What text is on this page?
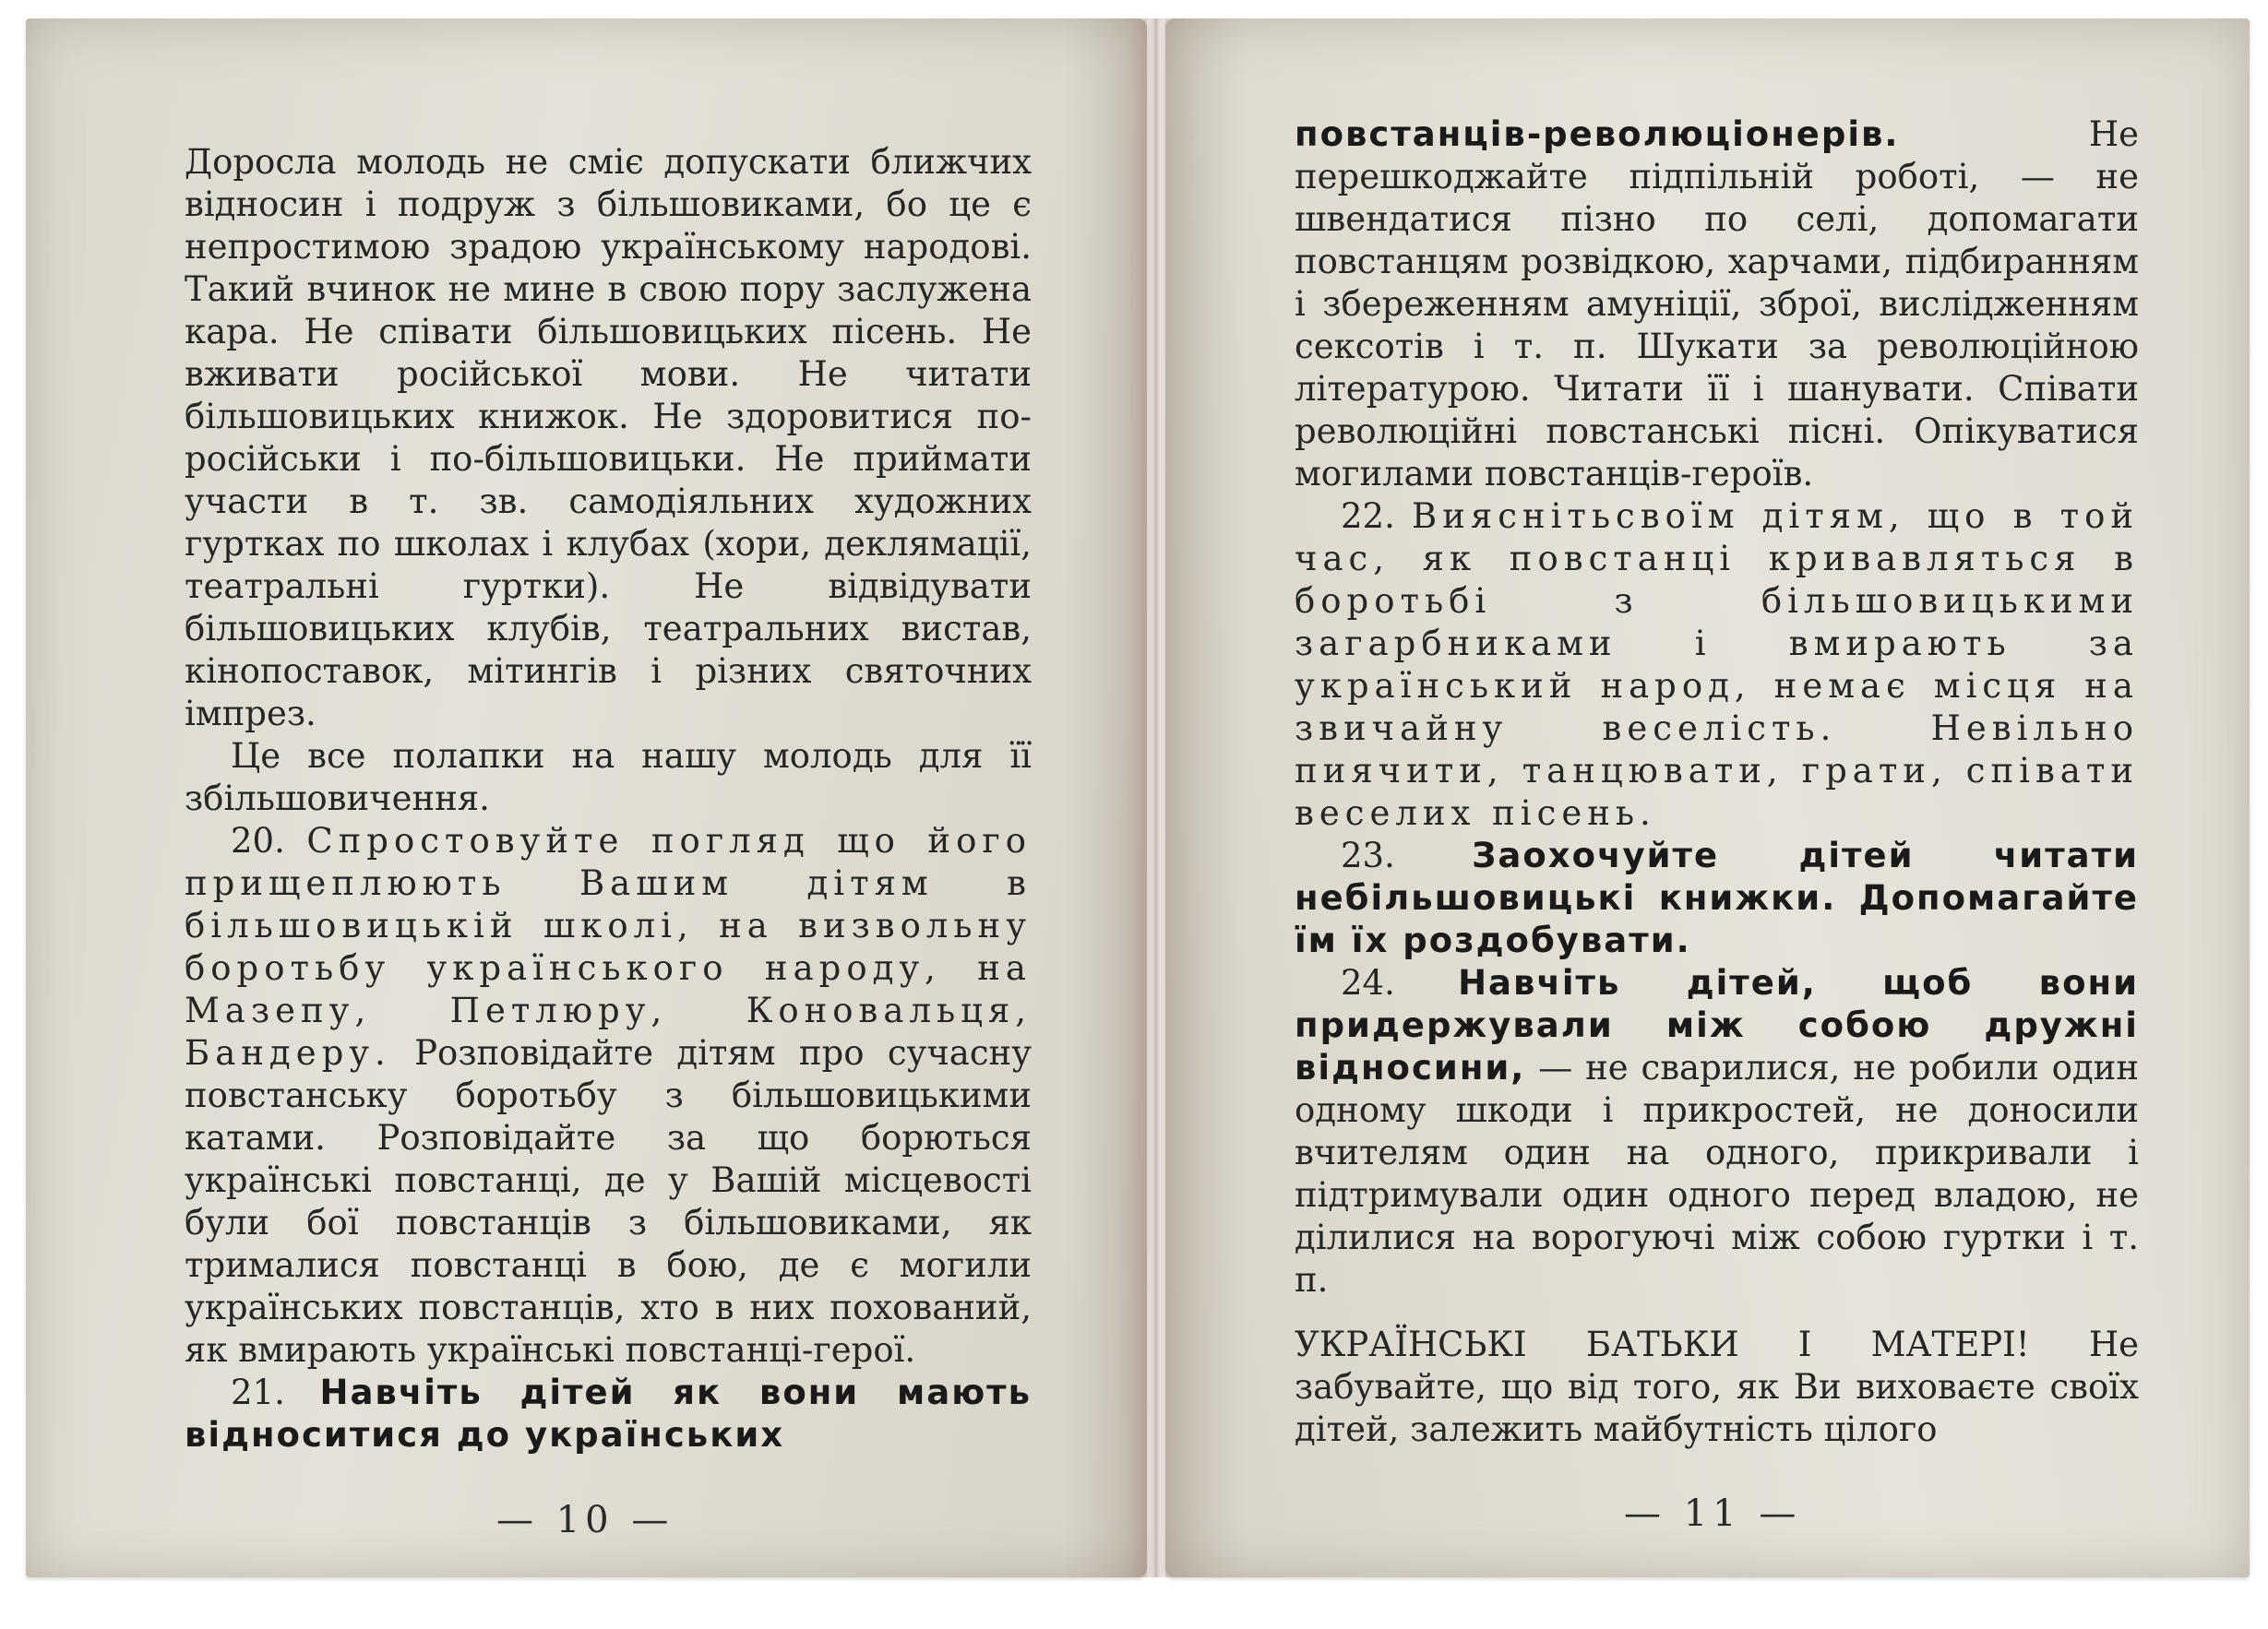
Доросла молодь не сміє допускати ближчих відносин і подруж з більшовиками, бо це є непростимою зрадою українському народові. Такий вчинок не мине в свою пору заслужена кара. Не співати більшовицьких пісень. Не вживати російської мови. Не читати більшовицьких книжок. Не здоровитися по-російськи і по-більшовицьки. Не приймати участи в т. зв. самодіяльних художних гуртках по школах і клубах (хори, деклямації, театральні гуртки). Не відвідувати більшовицьких клубів, театральних вистав, кінопоставок, мітингів і різних святочних імпрез.

Це все полапки на нашу молодь для її збільшовичення.

20. Спростовуйте погляд що його прищеплюють Вашим дітям в більшовицькій школі, на визвольну боротьбу українського народу, на Мазепу, Петлюру, Коновальця, Бандеру. Розповідайте дітям про сучасну повстанську боротьбу з більшовицькими катами. Розповідайте за що борються українські повстанці, де у Вашій місцевості були бої повстанців з більшовиками, як трималися повстанці в бою, де є могили українських повстанців, хто в них похований, як вмирають українські повстанці-герої.

21. Навчіть дітей як вони мають відноситися до українських

— 10 —

повстанців-революціонерів.	Не перешкоджайте підпільній роботі, — не швендатися пізно по селі, допомагати повстанцям розвідкою, харчами, підбиранням і збереженням амуніції, зброї, вислідженням сексотів і т. п. Шукати за революційною літературою. Читати її і шанувати. Співати революційні повстанські пісні. Опікуватися могилами повстанців-героїв.

22. Вияснітьсвоїм дітям, що в той час, як повстанці кривавляться в боротьбі з більшовицькими загарбниками і вмирають за український народ, немає місця на звичайну веселість. Невільно пиячити, танцювати, грати, співати веселих пісень.

23. Заохочуйте дітей читати небільшовицькі книжки. Допомагайте їм їх роздобувати.

24. Навчіть дітей, щоб вони придержували між собою дружні відносини, — не сварилися, не робили один одному шкоди і прикростей, не доносили вчителям один на одного, прикривали і підтримували один одного перед владою, не ділилися на ворогуючі між собою гуртки і т. п.

УКРАЇНСЬКІ БАТЬКИ І МАТЕРІ! Не забувайте, що від того, як Ви виховаєте своїх дітей, залежить майбутність цілого

— 11 —
